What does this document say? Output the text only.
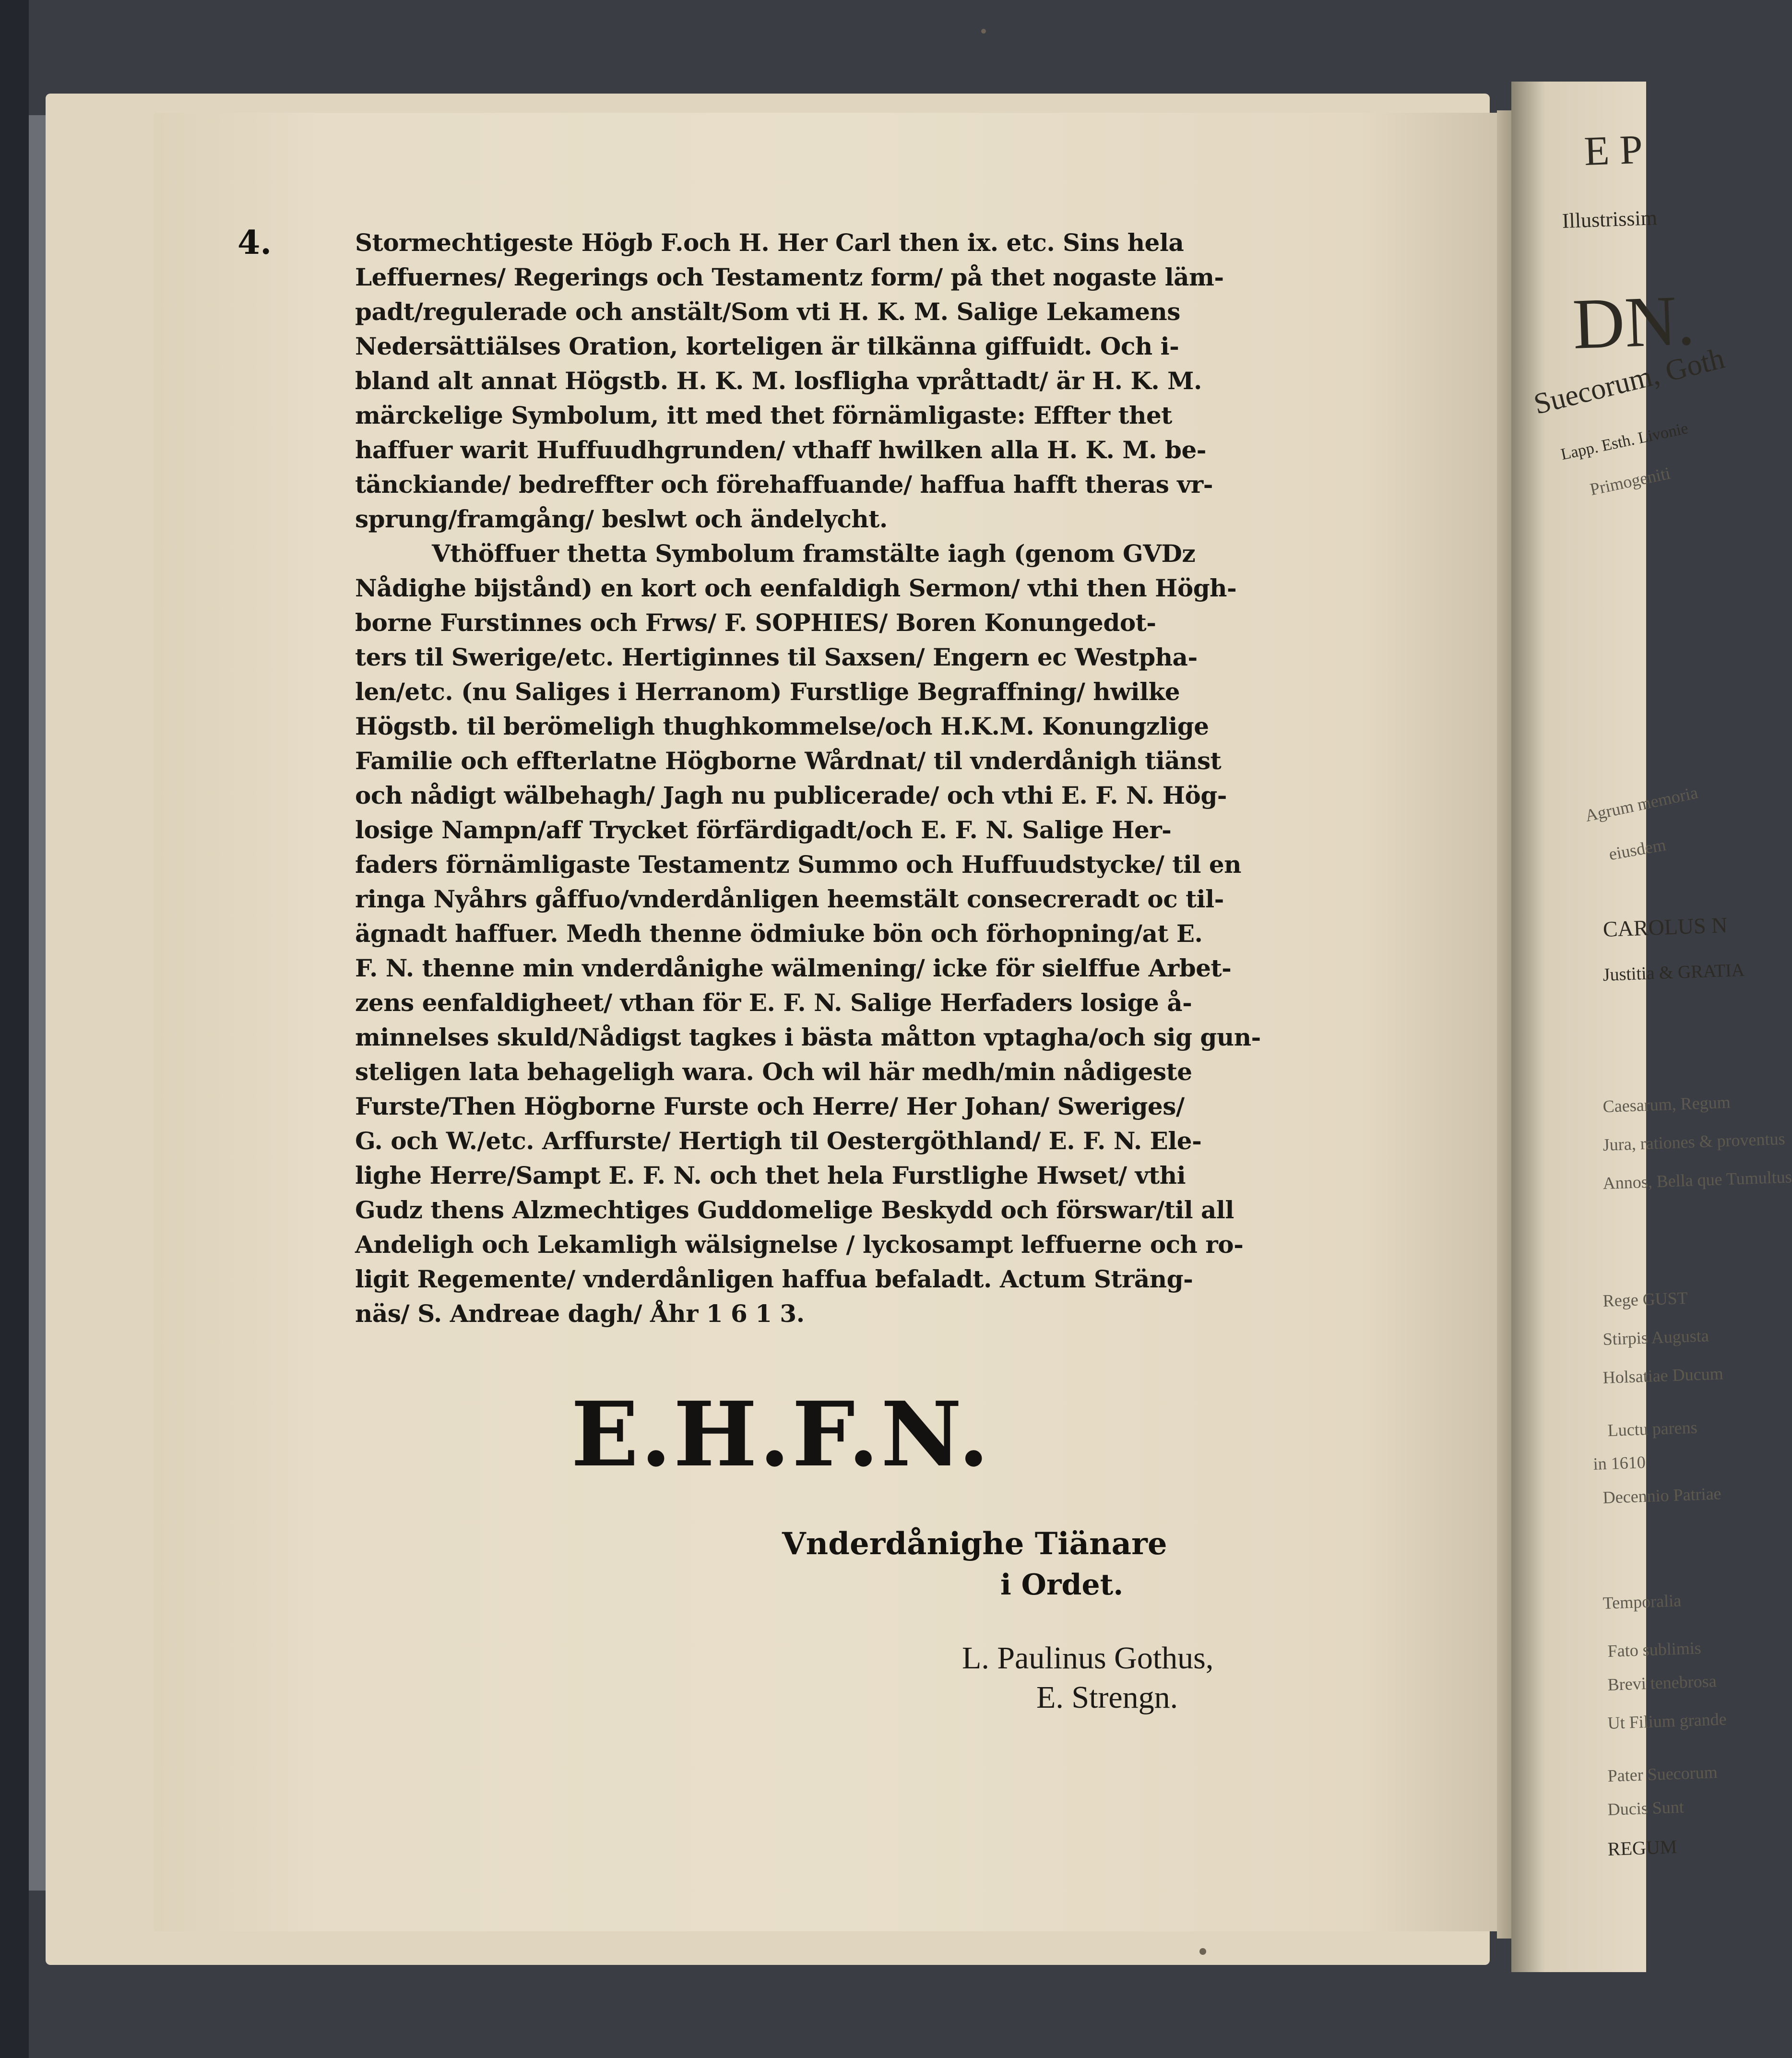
E P
Illustrissim
DN.
Suecorum, Goth
Lapp. Esth. Livonie
Primogeniti
Agrum memoria
eiusdem
CAROLUS N
Justitia & GRATIA
Caesarum, Regum
Jura, rationes & proventus
Annos, Bella que Tumultus
Rege GUST
Stirpis Augusta
Holsatiae Ducum
Luctu parens
in 1610
Decennio Patriae
Temporalia
Fato sublimis
Brevi tenebrosa
Ut Filium grande
Pater Suecorum
Ducis Sunt
REGUM
4.	Stormechtigeste Högb F.och H. Her Carl then ix. etc. Sins hela
Leffuernes/ Regerings och Testamentz form/ på thet nogaste läm-
padt/regulerade och anstält/Som vti H. K. M. Salige Lekamens
Nedersättiälses Oration, korteligen är tilkänna giffuidt. Och i-
bland alt annat Högstb. H. K. M. losfligha vpråttadt/ är H. K. M.
märckelige Symbolum, itt med thet förnämligaste: Effter thet
haffuer warit Huffuudhgrunden/ vthaff hwilken alla H. K. M. be-
tänckiande/ bedreffter och förehaffuande/ haffua hafft theras vr-
sprung/framgång/ beslwt och ändelycht.
Vthöffuer thetta Symbolum framstälte iagh (genom GVDz
Nådighe bijstånd) en kort och eenfaldigh Sermon/ vthi then Högh-
borne Furstinnes och Frws/ F. SOPHIES/ Boren Konungedot-
ters til Swerige/etc. Hertiginnes til Saxsen/ Engern ec Westpha-
len/etc. (nu Saliges i Herranom) Furstlige Begraffning/ hwilke
Högstb. til berömeligh thughkommelse/och H.K.M. Konungzlige
Familie och effterlatne Högborne Wårdnat/ til vnderdånigh tiänst
och nådigt wälbehagh/ Jagh nu publicerade/ och vthi E. F. N. Hög-
losige Nampn/aff Trycket förfärdigadt/och E. F. N. Salige Her-
faders förnämligaste Testamentz Summo och Huffuudstycke/ til en
ringa Nyåhrs gåffuo/vnderdånligen heemstält consecreradt oc til-
ägnadt haffuer. Medh thenne ödmiuke bön och förhopning/at E.
F. N. thenne min vnderdånighe wälmening/ icke för sielffue Arbet-
zens eenfaldigheet/ vthan för E. F. N. Salige Herfaders losige å-
minnelses skuld/Nådigst tagkes i bästa måtton vptagha/och sig gun-
steligen lata behageligh wara. Och wil här medh/min nådigeste
Furste/Then Högborne Furste och Herre/ Her Johan/ Sweriges/
G. och W./etc. Arffurste/ Hertigh til Oestergöthland/ E. F. N. Ele-
lighe Herre/Sampt E. F. N. och thet hela Furstlighe Hwset/ vthi
Gudz thens Alzmechtiges Guddomelige Beskydd och förswar/til all
Andeligh och Lekamligh wälsignelse / lyckosampt leffuerne och ro-
ligit Regemente/ vnderdånligen haffua befaladt. Actum Sträng-
näs/ S. Andreae dagh/ Åhr 1 6 1 3.
E.H.F.N.
Vnderdånighe Tiänare
i Ordet.
L. Paulinus Gothus,
E. Strengn.
